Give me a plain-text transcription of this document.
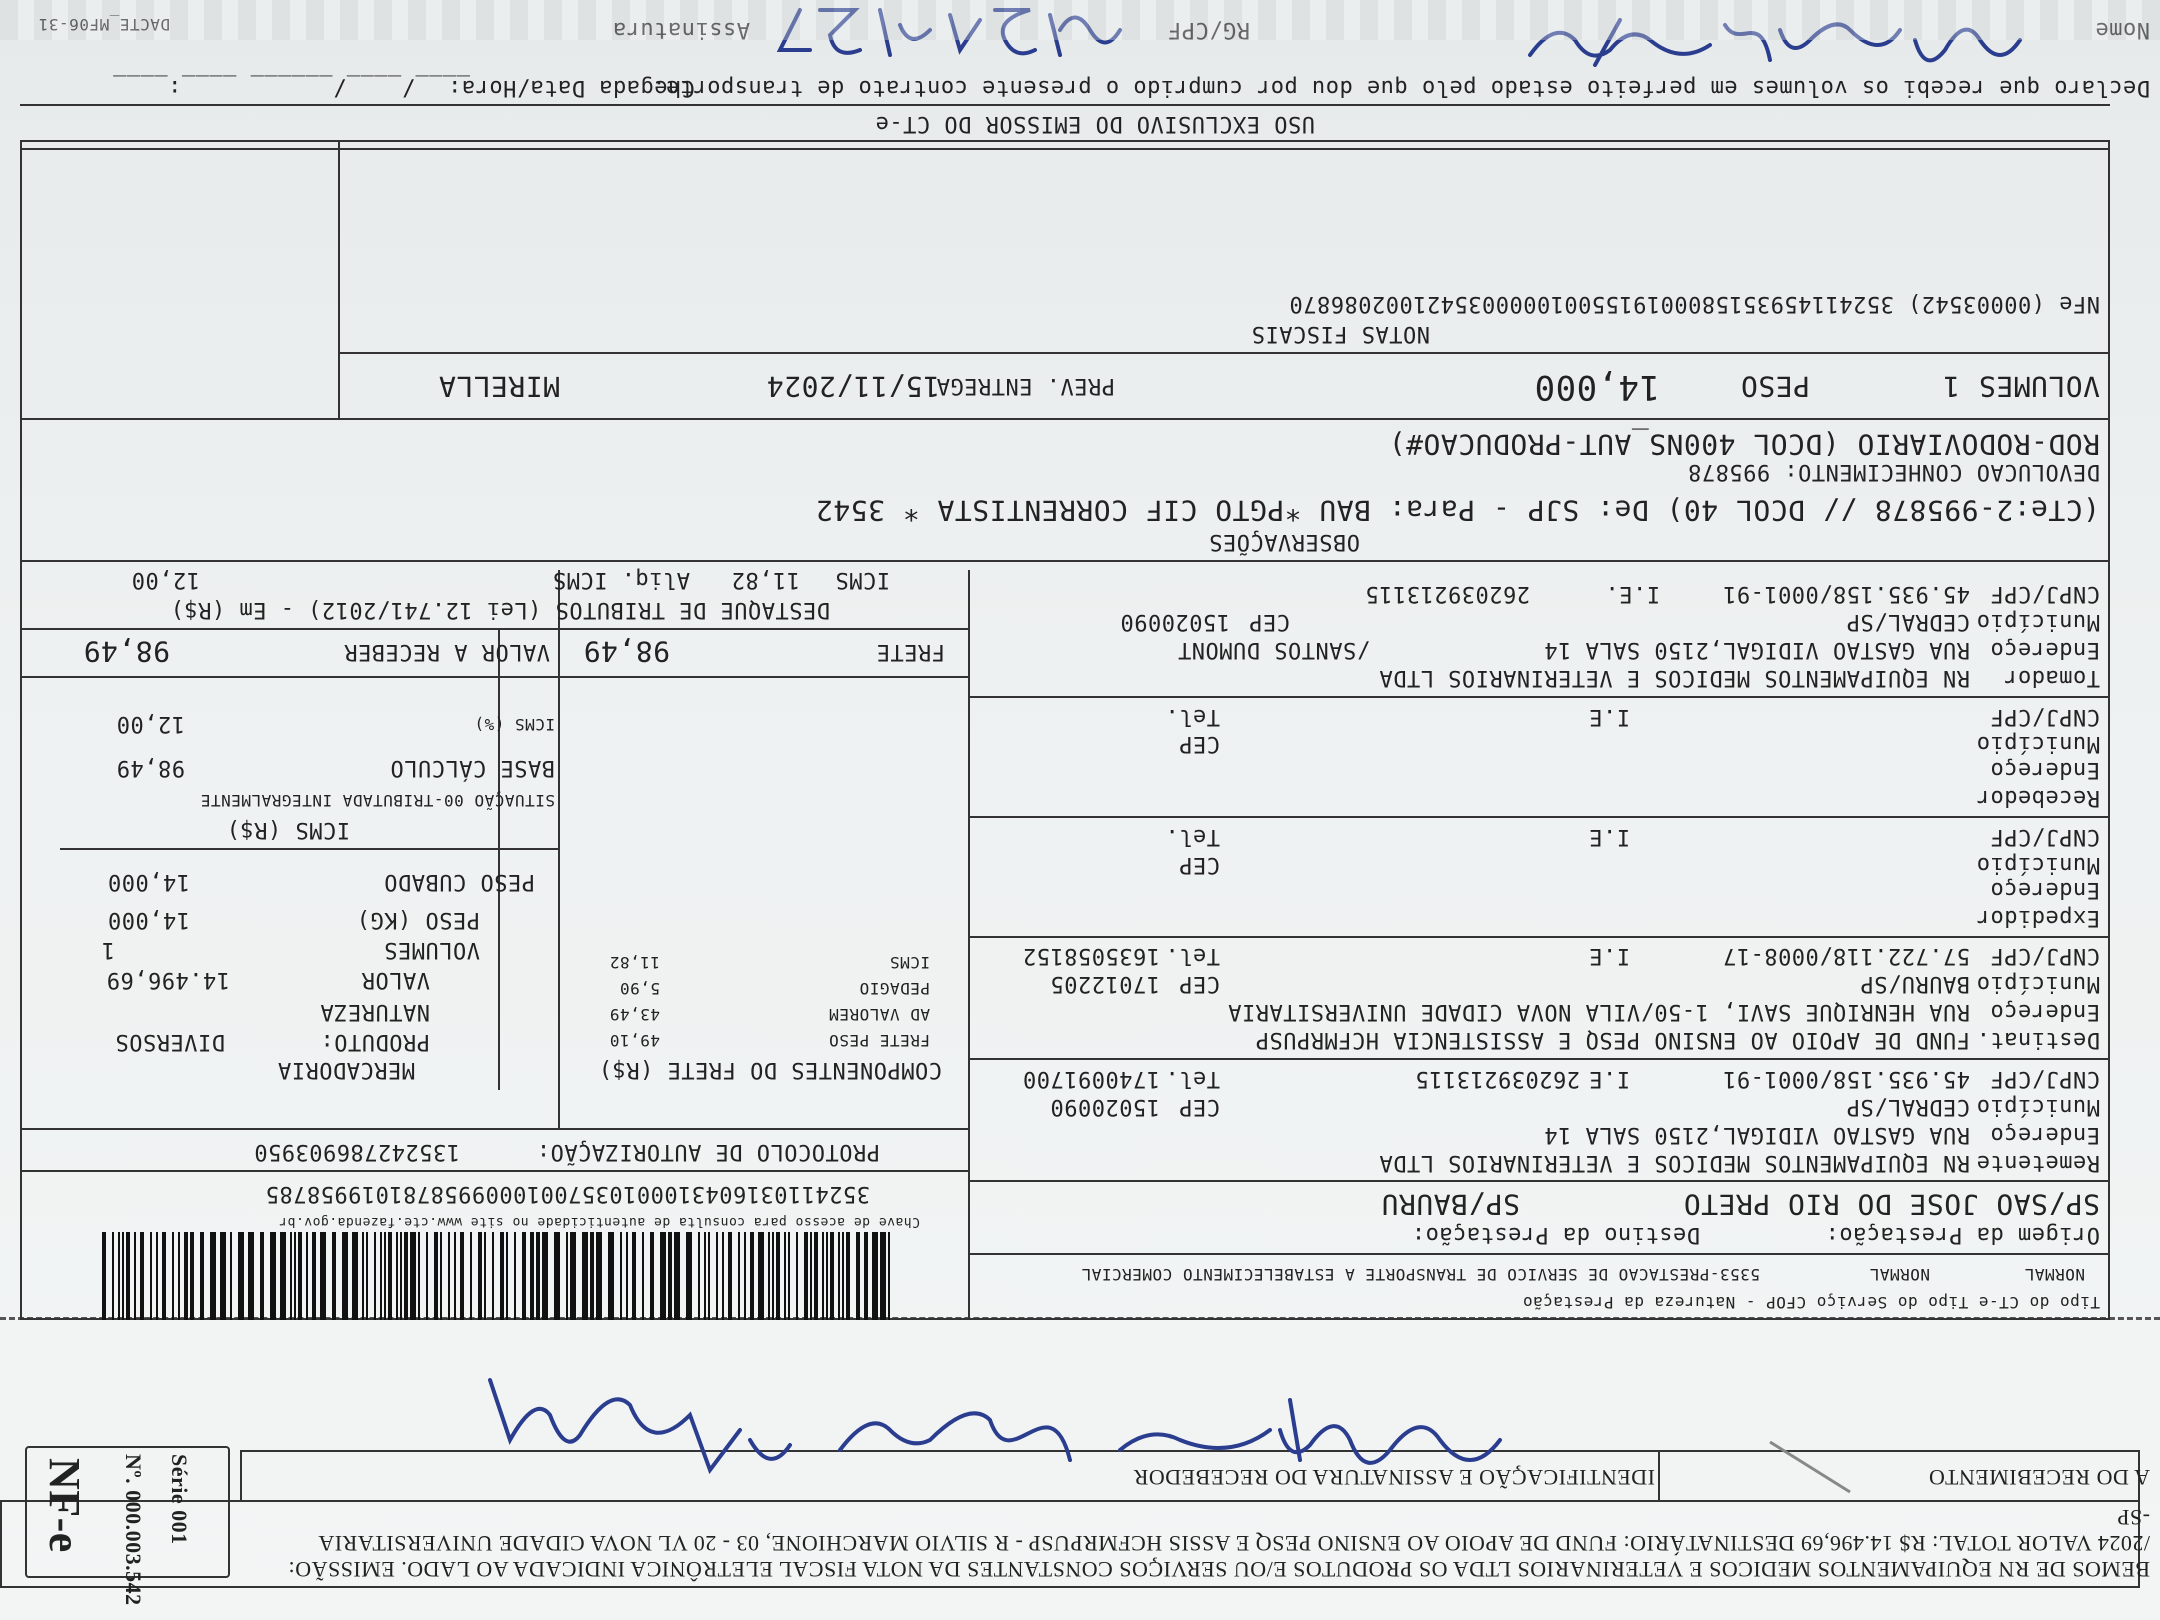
BEMOS DE RN EQUIPAMENTOS MEDICOS E VETERINARIOS LTDA OS PRODUTOS E/OU SERVIÇOS CONSTANTES DA NOTA FISCAL ELETRÔNICA INDICADA AO LADO. EMISSÃO:
/2024 VALOR TOTAL: R$ 14.496,69 DESTINATÁRIO: FUND DE APOIO AO ENSINO PESQ E ASSIS HCFMRPUSP - R SILVIO MARCHIONE, 03 - 20 VL NOVA CIDADE UNIVERSITARIA
-SP
NF-e Nº. 000.003.542 Série 001	A DO RECEBIMENTO
IDENTIFICAÇÃO E ASSINATURA DO RECEBEDOR
Tipo do CT-e Tipo do Serviço CFOP - Natureza da Prestação
NORMAL
NORMAL
5353-PRESTACAO DE SERVICO DE TRANSPORTE A ESTABELECIMENTO COMERCIAL
Origem da Prestação:
Destino da Prestação:
SP/SAO JOSE DO RIO PRETO
SP/BAURU
Chave de acesso para consulta de autenticidade no site www.cte.fazenda.gov.br
35241103160431000103570010009958781019958785
PROTOCOLO DE AUTORIZAÇÃO:
135242786903950	Remetente
RN EQUIPAMENTOS MEDICOS E VETERINARIOS LTDA
Endereço
RUA GASTAO VIDIGAL,2150 SALA 14
Município
CEDRAL/SP
CEP
15020090
CNPJ/CPF
45.935.158/0001-91
I.E
2620392131​15
Tel.
1740091700
Destinat.
FUND DE APOIO AO ENSINO PESQ E ASSISTENCIA HCFMRPUSP
Endereço
RUA HENRIQUE SAVI, 1-50/VILA NOVA CIDADE UNIVERSITARIA
Município
BAURU/SP
CEP
17012205
CNPJ/CPF
57.722.118/0008-17
I.E
Tel.
1635058152
Expedidor
Endereço
Município
CEP
CNPJ/CPF
I.E
Tel.
Recebedor
Endereço
Município
CEP
CNPJ/CPF
I.E
Tel.
Tomador
RN EQUIPAMENTOS MEDICOS E VETERINARIOS LTDA
Endereço
RUA GASTAO VIDIGAL,2150 SALA 14
/SANTOS DUMONT
Município
CEDRAL/SP
CEP
15020090
CNPJ/CPF
45.935.158/0001-91
I.E.
262039213115
COMPONENTES DO FRETE (R$)
MERCADORIA
PRODUTO:
DIVERSOS
NATUREZA
VALOR
14.496,69
VOLUMES
1
PESO (KG)
14,000
PESO CUBADO
14,000
ICMS (R$)
SITUAÇÃO 00-TRIBUTADA INTEGRALMENTE
BASE CÁLCULO
98,49
ICMS (%)
12,00
FRETE
98,49
VALOR A RECEBER
98,49
DESTAQUE DE TRIBUTOS (Lei 12.741/2012) - Em (R$)
ICMS
11,82
Aliq. ICMS
12,00
OBSERVAÇÕES
(CTe:2-995878 // DCOL 40) De: SJP - Para: BAU *PGTO CIF CORRENTISTA * 3542
DEVOLUCAO CONHECIMENTO: 995878
ROD-RODOVIARIO (DCOL 400NS_AUT-PRODUCAO#)
VOLUMES
1
PESO
14,000
PREV. ENTREGA
15/11/2024
MIRELLA
NOTAS FISCAIS
NFe (00003542) 35241145935158000191550010000035421002086870
USO EXCLUSIVO DO EMISSOR DO CT-e
Declaro que recebi os volumes em perfeito estado pelo que dou por cumprido o presente contrato de transporte.
Chegada Data/Hora:
____/____/______ ____:____
Nome
RG/CPF
Assinatura
DACTE_MF06-31
FRETE PESO
49,10
AD VALOREM
43,49
PEDAGIO
5,90
ICMS
11,82
